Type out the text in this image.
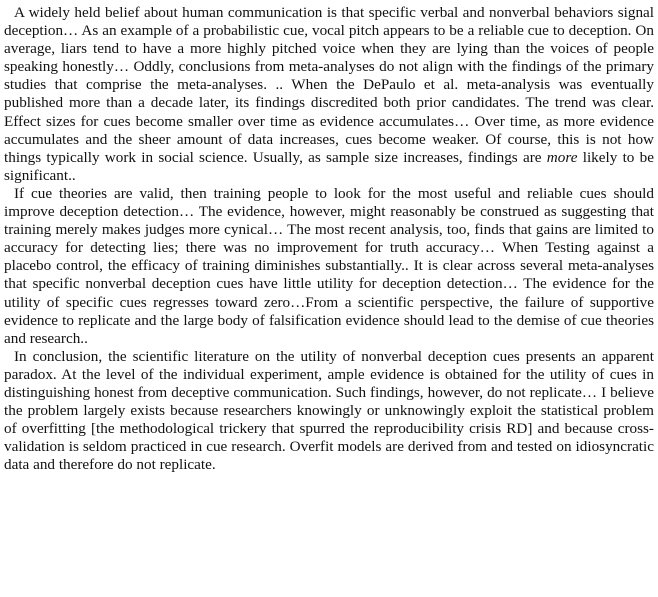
A widely held belief about human communication is that specific verbal and nonverbal behaviors signal deception… As an example of a probabilistic cue, vocal pitch appears to be a reliable cue to deception. On average, liars tend to have a more highly pitched voice when they are lying than the voices of people speaking honestly… Oddly, conclusions from meta-analyses do not align with the findings of the primary studies that comprise the meta-analyses. .. When the DePaulo et al. meta-analysis was eventually published more than a decade later, its findings discredited both prior candidates. The trend was clear. Effect sizes for cues become smaller over time as evidence accumulates… Over time, as more evidence accumulates and the sheer amount of data increases, cues become weaker. Of course, this is not how things typically work in social science. Usually, as sample size increases, findings are more likely to be significant..

If cue theories are valid, then training people to look for the most useful and reliable cues should improve deception detection… The evidence, however, might reasonably be construed as suggesting that training merely makes judges more cynical… The most recent analysis, too, finds that gains are limited to accuracy for detecting lies; there was no improvement for truth accuracy… When Testing against a placebo control, the efficacy of training diminishes substantially.. It is clear across several meta-analyses that specific nonverbal deception cues have little utility for deception detection… The evidence for the utility of specific cues regresses toward zero…From a scientific perspective, the failure of supportive evidence to replicate and the large body of falsification evidence should lead to the demise of cue theories and research..

In conclusion, the scientific literature on the utility of nonverbal deception cues presents an apparent paradox. At the level of the individual experiment, ample evidence is obtained for the utility of cues in distinguishing honest from deceptive communication. Such findings, however, do not replicate… I believe the problem largely exists because researchers knowingly or unknowingly exploit the statistical problem of overfitting [the methodological trickery that spurred the reproducibility crisis RD] and because cross-validation is seldom practiced in cue research. Overfit models are derived from and tested on idiosyncratic data and therefore do not replicate.
